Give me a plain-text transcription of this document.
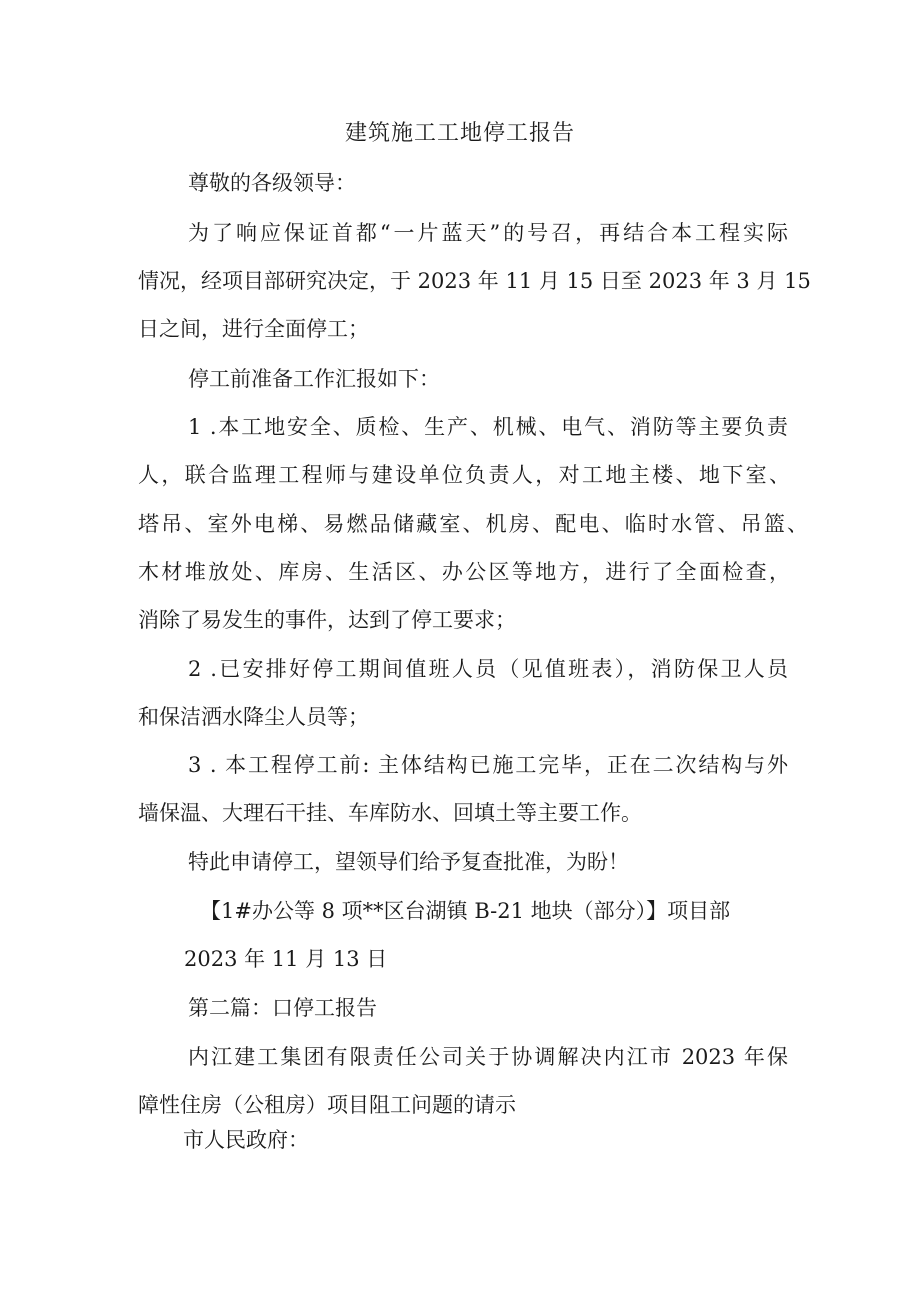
建筑施工工地停工报告
尊敬的各级领导：
为了响应保证首都“一片蓝天”的号召，再结合本工程实际
情况，经项目部研究决定，于 2023 年 11 月 15 日至 2023 年 3 月 15
日之间，进行全面停工；
停工前准备工作汇报如下：
1 .本工地安全、质检、生产、机械、电气、消防等主要负责
人，联合监理工程师与建设单位负责人，对工地主楼、地下室、
塔吊、室外电梯、易燃品储藏室、机房、配电、临时水管、吊篮、
木材堆放处、库房、生活区、办公区等地方，进行了全面检查，
消除了易发生的事件，达到了停工要求；
2 .已安排好停工期间值班人员（见值班表），消防保卫人员
和保洁洒水降尘人员等；
3 . 本工程停工前: 主体结构已施工完毕，正在二次结构与外
墙保温、大理石干挂、车库防水、回填土等主要工作。
特此申请停工，望领导们给予复查批准，为盼！
【1#办公等 8 项**区台湖镇 B-21 地块（部分）】项目部
2023 年 11 月 13 日
第二篇：口停工报告
内江建工集团有限责任公司关于协调解决内江市 2023 年保
障性住房（公租房）项目阻工问题的请示
市人民政府：
